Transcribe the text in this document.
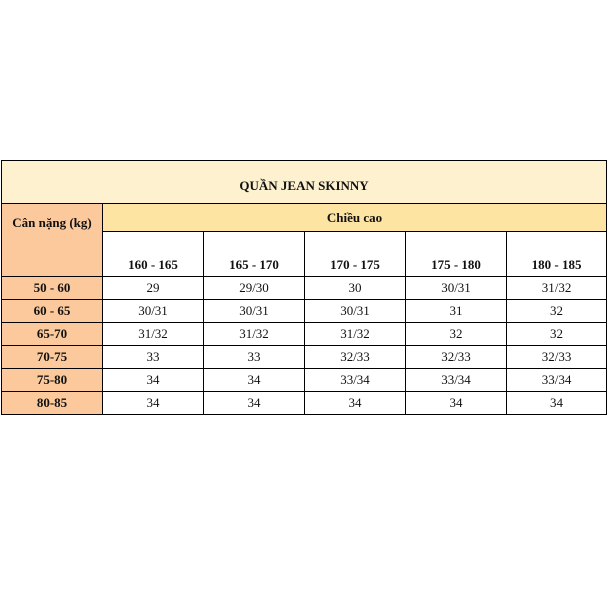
QUẦN JEAN SKINNY					
Cân nặng (kg)	Chiều cao				
	160 - 165	165 - 170	170 - 175	175 - 180	180 - 185
50 - 60	29	29/30	30	30/31	31/32
60 - 65	30/31	30/31	30/31	31	32
65-70	31/32	31/32	31/32	32	32
70-75	33	33	32/33	32/33	32/33
75-80	34	34	33/34	33/34	33/34
80-85	34	34	34	34	34
